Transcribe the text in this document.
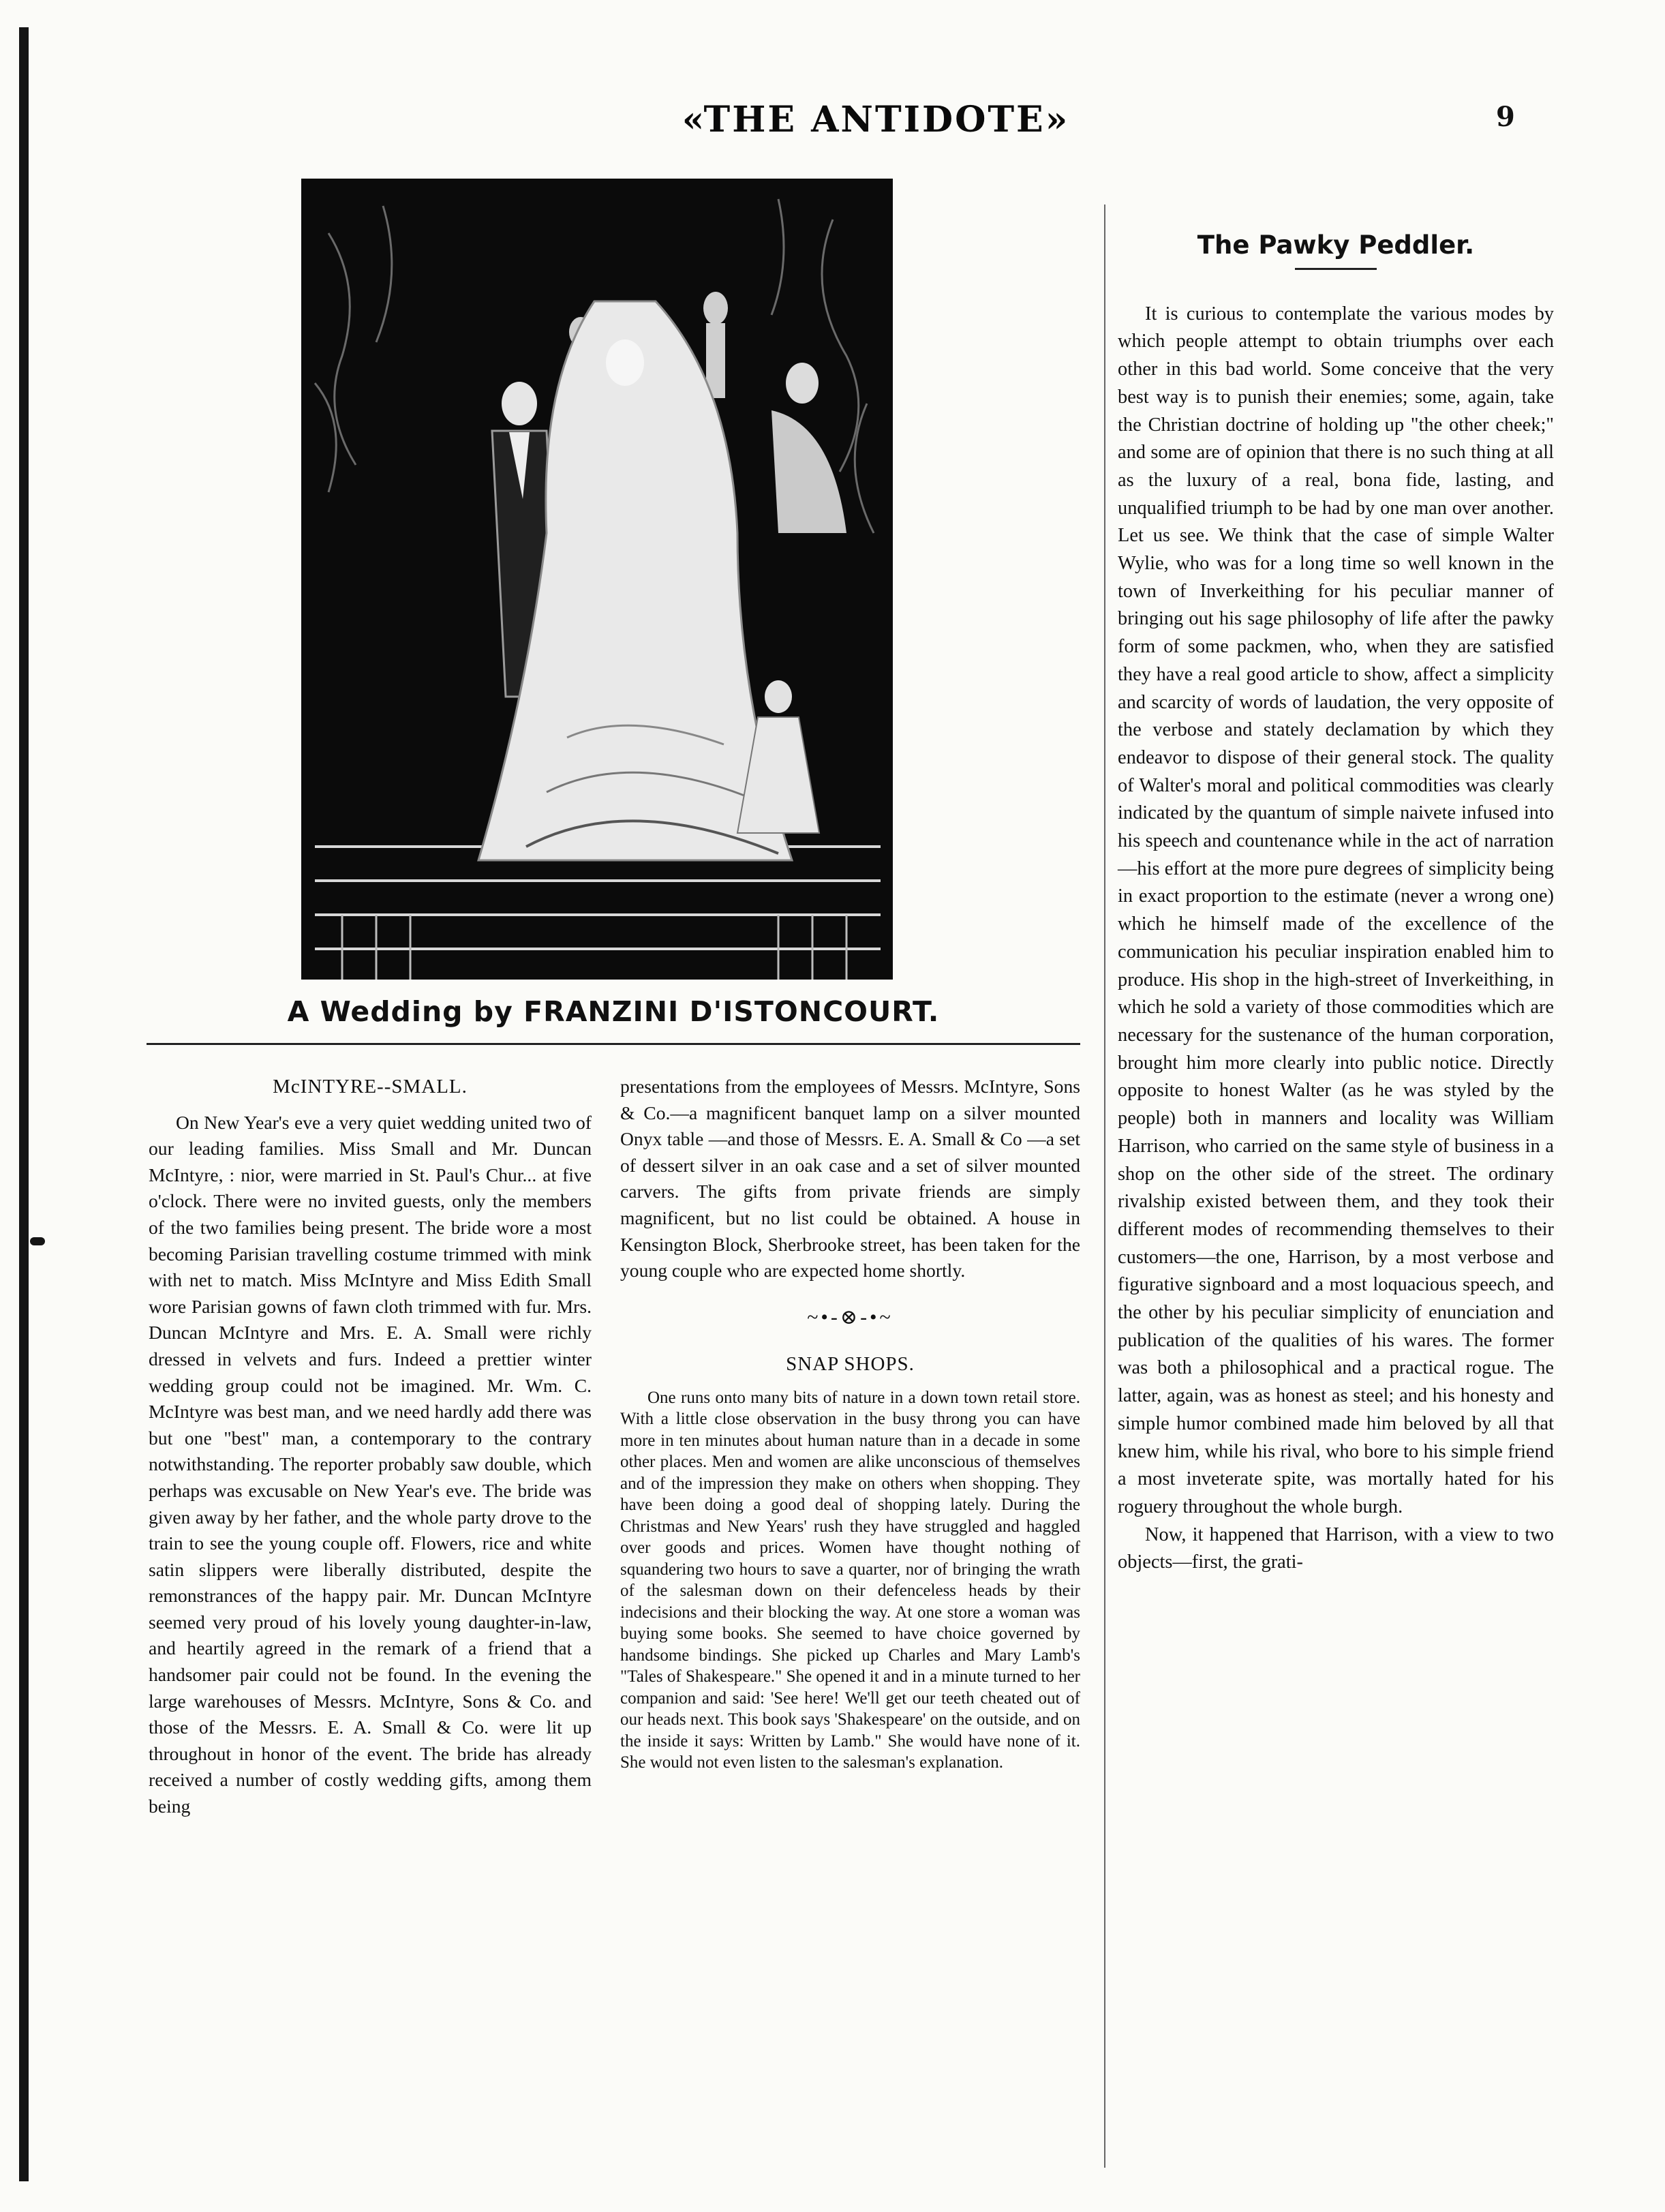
«THE ANTIDOTE»	9
A Wedding by FRANZINI D'ISTONCOURT.
McINTYRE--SMALL.

On New Year's eve a very quiet wedding united two of our leading families. Miss Small and Mr. Duncan McIntyre, : nior, were married in St. Paul's Chur... at five o'clock. There were no invited guests, only the members of the two families being present. The bride wore a most becoming Parisian travelling costume trimmed with mink with net to match. Miss McIntyre and Miss Edith Small wore Parisian gowns of fawn cloth trimmed with fur. Mrs. Duncan McIntyre and Mrs. E. A. Small were richly dressed in velvets and furs. Indeed a prettier winter wedding group could not be imagined. Mr. Wm. C. McIntyre was best man, and we need hardly add there was but one "best" man, a contemporary to the contrary notwithstanding. The reporter probably saw double, which perhaps was excusable on New Year's eve. The bride was given away by her father, and the whole party drove to the train to see the young couple off. Flowers, rice and white satin slippers were liberally distributed, despite the remonstrances of the happy pair. Mr. Duncan McIntyre seemed very proud of his lovely young daughter-in-law, and heartily agreed in the remark of a friend that a handsomer pair could not be found. In the evening the large warehouses of Messrs. McIntyre, Sons & Co. and those of the Messrs. E. A. Small & Co. were lit up throughout in honor of the event. The bride has already received a number of costly wedding gifts, among them being

presentations from the employees of Messrs. McIntyre, Sons & Co.—a magnificent banquet lamp on a silver mounted Onyx table —and those of Messrs. E. A. Small & Co —a set of dessert silver in an oak case and a set of silver mounted carvers. The gifts from private friends are simply magnificent, but no list could be obtained. A house in Kensington Block, Sherbrooke street, has been taken for the young couple who are expected home shortly.

~•-⊗-•~
SNAP SHOPS.

One runs onto many bits of nature in a down town retail store. With a little close observation in the busy throng you can have more in ten minutes about human nature than in a decade in some other places. Men and women are alike unconscious of themselves and of the impression they make on others when shopping. They have been doing a good deal of shopping lately. During the Christmas and New Years' rush they have struggled and haggled over goods and prices. Women have thought nothing of squandering two hours to save a quarter, nor of bringing the wrath of the salesman down on their defenceless heads by their indecisions and their blocking the way. At one store a woman was buying some books. She seemed to have choice governed by handsome bindings. She picked up Charles and Mary Lamb's "Tales of Shakespeare." She opened it and in a minute turned to her companion and said: 'See here! We'll get our teeth cheated out of our heads next. This book says 'Shakespeare' on the outside, and on the inside it says: Written by Lamb." She would have none of it. She would not even listen to the salesman's explanation.

The Pawky Peddler.

It is curious to contemplate the various modes by which people attempt to obtain triumphs over each other in this bad world. Some conceive that the very best way is to punish their enemies; some, again, take the Christian doctrine of holding up "the other cheek;" and some are of opinion that there is no such thing at all as the luxury of a real, bona fide, lasting, and unqualified triumph to be had by one man over another. Let us see. We think that the case of simple Walter Wylie, who was for a long time so well known in the town of Inverkeithing for his peculiar manner of bringing out his sage philosophy of life after the pawky form of some packmen, who, when they are satisfied they have a real good article to show, affect a simplicity and scarcity of words of laudation, the very opposite of the verbose and stately declamation by which they endeavor to dispose of their general stock. The quality of Walter's moral and political commodities was clearly indicated by the quantum of simple naivete infused into his speech and countenance while in the act of narration—his effort at the more pure degrees of simplicity being in exact proportion to the estimate (never a wrong one) which he himself made of the excellence of the communication his peculiar inspiration enabled him to produce. His shop in the high-street of Inverkeithing, in which he sold a variety of those commodities which are necessary for the sustenance of the human corporation, brought him more clearly into public notice. Directly opposite to honest Walter (as he was styled by the people) both in manners and locality was William Harrison, who carried on the same style of business in a shop on the other side of the street. The ordinary rivalship existed between them, and they took their different modes of recommending themselves to their customers—the one, Harrison, by a most verbose and figurative signboard and a most loquacious speech, and the other by his peculiar simplicity of enunciation and publication of the qualities of his wares. The former was both a philosophical and a practical rogue. The latter, again, was as honest as steel; and his honesty and simple humor combined made him beloved by all that knew him, while his rival, who bore to his simple friend a most inveterate spite, was mortally hated for his roguery throughout the whole burgh.

Now, it happened that Harrison, with a view to two objects—first, the grati-
